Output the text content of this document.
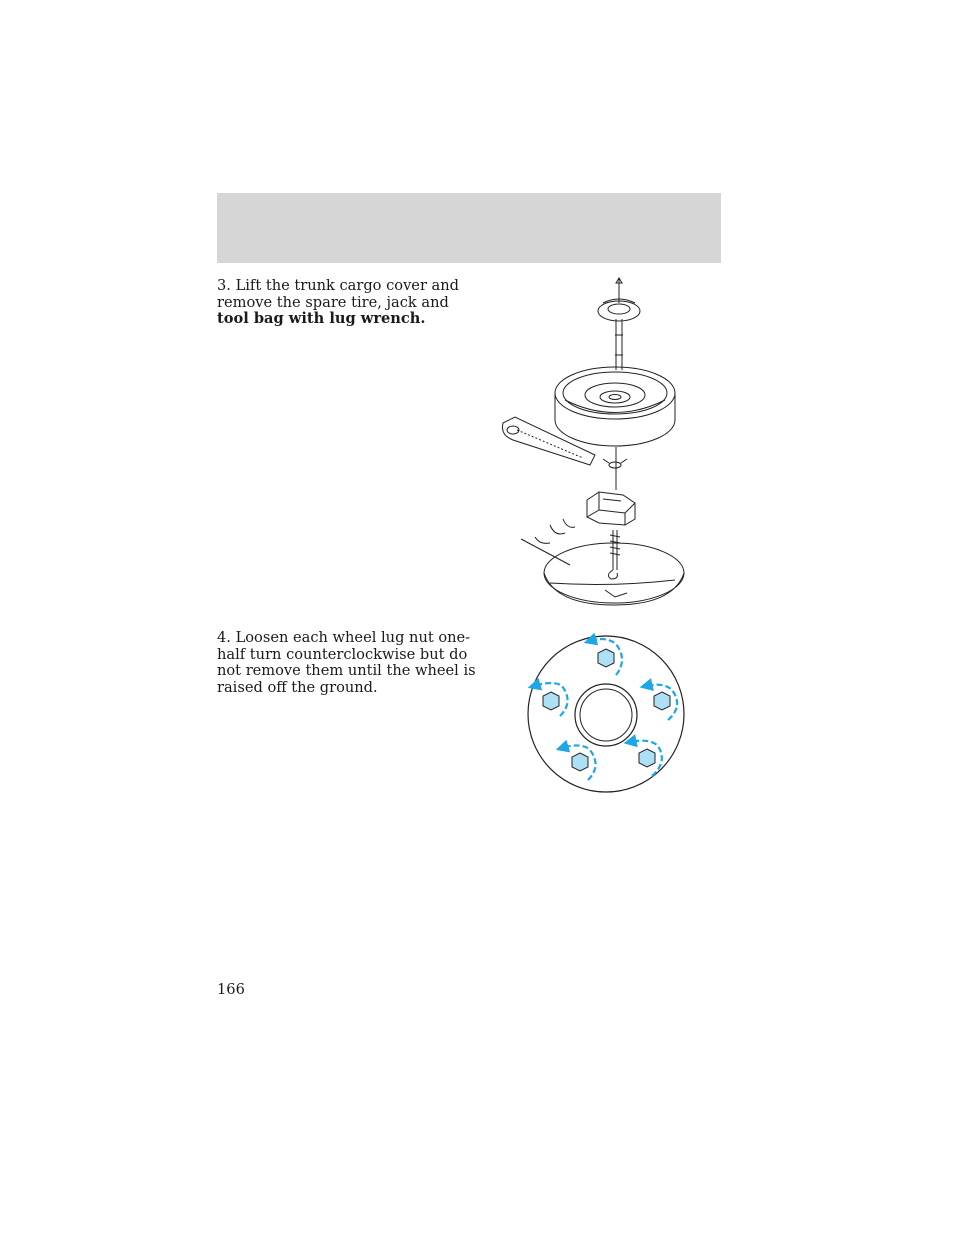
3. Lift the trunk cargo cover and remove the spare tire, jack and tool bag with lug wrench.
4. Loosen each wheel lug nut one-half turn counterclockwise but do not remove them until the wheel is raised off the ground.
166
